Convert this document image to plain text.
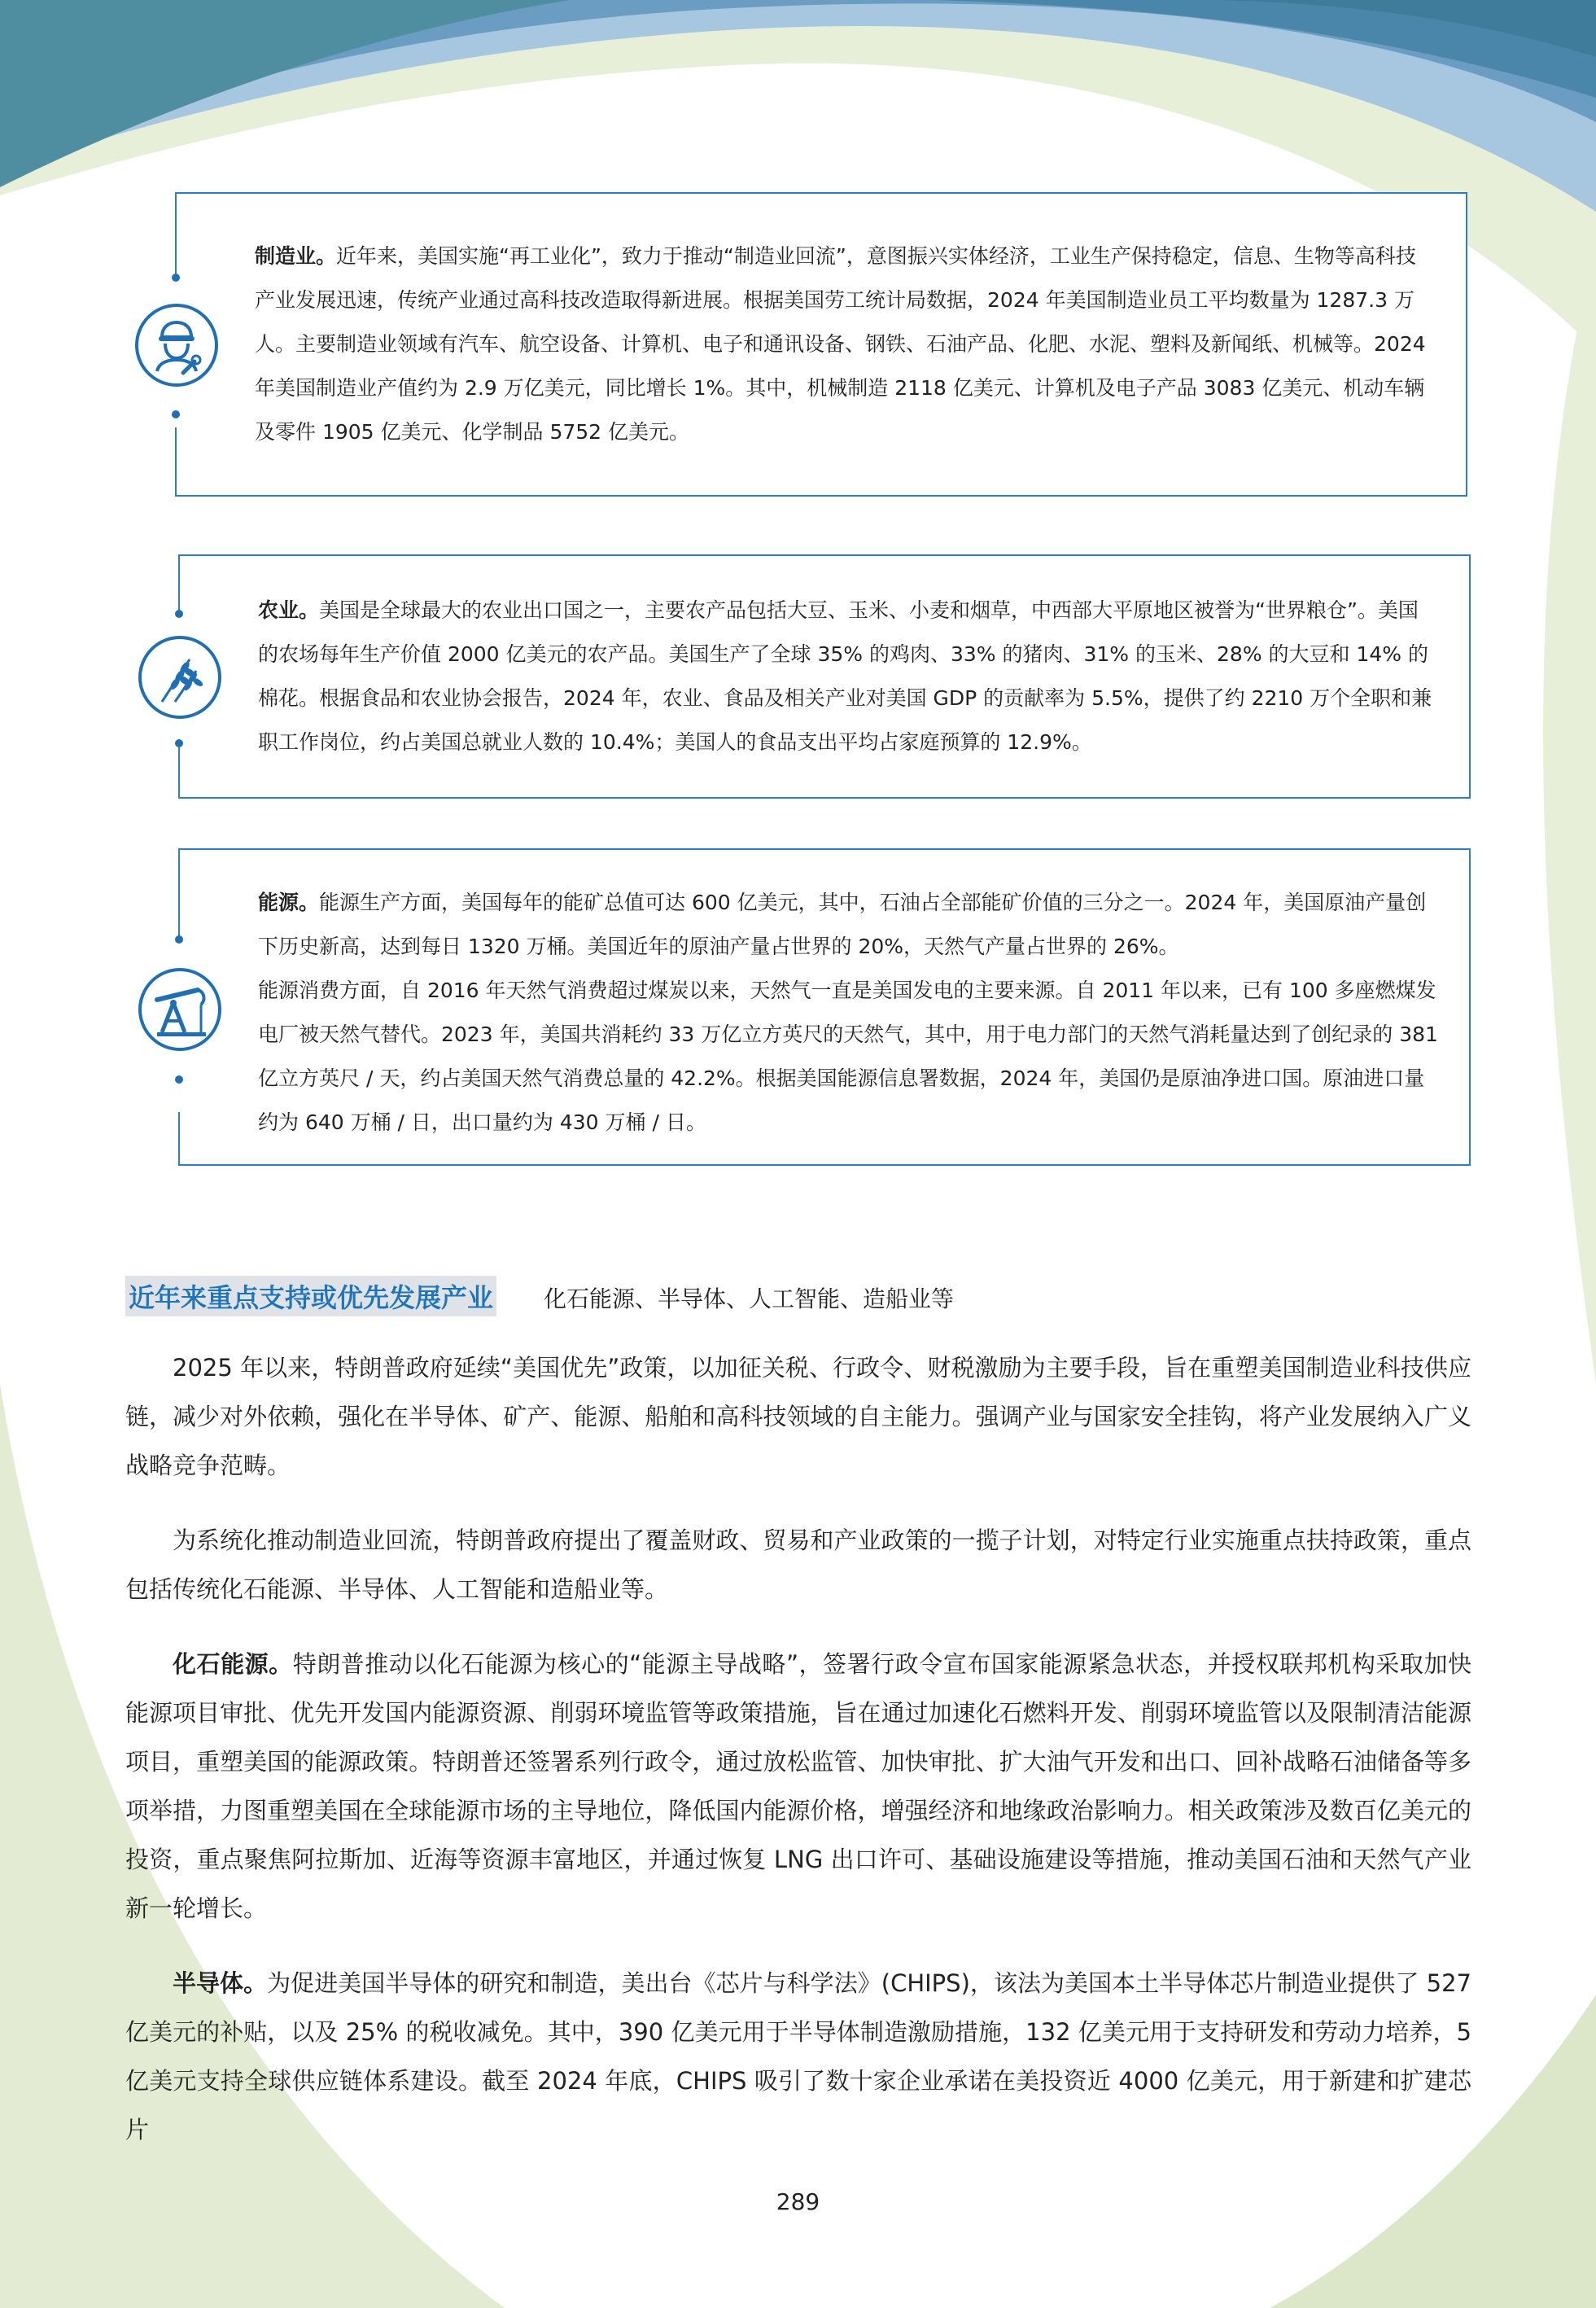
制造业。近年来，美国实施“再工业化”，致力于推动“制造业回流”，意图振兴实体经济，工业生产保持稳定，信息、生物等高科技产业发展迅速，传统产业通过高科技改造取得新进展。根据美国劳工统计局数据，2024 年美国制造业员工平均数量为 1287.3 万人。主要制造业领域有汽车、航空设备、计算机、电子和通讯设备、钢铁、石油产品、化肥、水泥、塑料及新闻纸、机械等。2024 年美国制造业产值约为 2.9 万亿美元，同比增长 1%。其中，机械制造 2118 亿美元、计算机及电子产品 3083 亿美元、机动车辆及零件 1905 亿美元、化学制品 5752 亿美元。

农业。美国是全球最大的农业出口国之一，主要农产品包括大豆、玉米、小麦和烟草，中西部大平原地区被誉为“世界粮仓”。美国的农场每年生产价值 2000 亿美元的农产品。美国生产了全球 35% 的鸡肉、33% 的猪肉、31% 的玉米、28% 的大豆和 14% 的棉花。根据食品和农业协会报告，2024 年，农业、食品及相关产业对美国 GDP 的贡献率为 5.5%，提供了约 2210 万个全职和兼职工作岗位，约占美国总就业人数的 10.4%；美国人的食品支出平均占家庭预算的 12.9%。

能源。能源生产方面，美国每年的能矿总值可达 600 亿美元，其中，石油占全部能矿价值的三分之一。2024 年，美国原油产量创下历史新高，达到每日 1320 万桶。美国近年的原油产量占世界的 20%，天然气产量占世界的 26%。

能源消费方面，自 2016 年天然气消费超过煤炭以来，天然气一直是美国发电的主要来源。自 2011 年以来，已有 100 多座燃煤发电厂被天然气替代。2023 年，美国共消耗约 33 万亿立方英尺的天然气，其中，用于电力部门的天然气消耗量达到了创纪录的 381 亿立方英尺 / 天，约占美国天然气消费总量的 42.2%。根据美国能源信息署数据，2024 年，美国仍是原油净进口国。原油进口量约为 640 万桶 / 日，出口量约为 430 万桶 / 日。

近年来重点支持或优先发展产业 化石能源、半导体、人工智能、造船业等

2025 年以来，特朗普政府延续“美国优先”政策，以加征关税、行政令、财税激励为主要手段，旨在重塑美国制造业科技供应链，减少对外依赖，强化在半导体、矿产、能源、船舶和高科技领域的自主能力。强调产业与国家安全挂钩，将产业发展纳入广义战略竞争范畴。

为系统化推动制造业回流，特朗普政府提出了覆盖财政、贸易和产业政策的一揽子计划，对特定行业实施重点扶持政策，重点包括传统化石能源、半导体、人工智能和造船业等。

化石能源。特朗普推动以化石能源为核心的“能源主导战略”，签署行政令宣布国家能源紧急状态，并授权联邦机构采取加快能源项目审批、优先开发国内能源资源、削弱环境监管等政策措施，旨在通过加速化石燃料开发、削弱环境监管以及限制清洁能源项目，重塑美国的能源政策。特朗普还签署系列行政令，通过放松监管、加快审批、扩大油气开发和出口、回补战略石油储备等多项举措，力图重塑美国在全球能源市场的主导地位，降低国内能源价格，增强经济和地缘政治影响力。相关政策涉及数百亿美元的投资，重点聚焦阿拉斯加、近海等资源丰富地区，并通过恢复 LNG 出口许可、基础设施建设等措施，推动美国石油和天然气产业新一轮增长。

半导体。为促进美国半导体的研究和制造，美出台《芯片与科学法》(CHIPS)，该法为美国本土半导体芯片制造业提供了 527 亿美元的补贴，以及 25% 的税收减免。其中，390 亿美元用于半导体制造激励措施，132 亿美元用于支持研发和劳动力培养，5 亿美元支持全球供应链体系建设。截至 2024 年底，CHIPS 吸引了数十家企业承诺在美投资近 4000 亿美元，用于新建和扩建芯片

289
